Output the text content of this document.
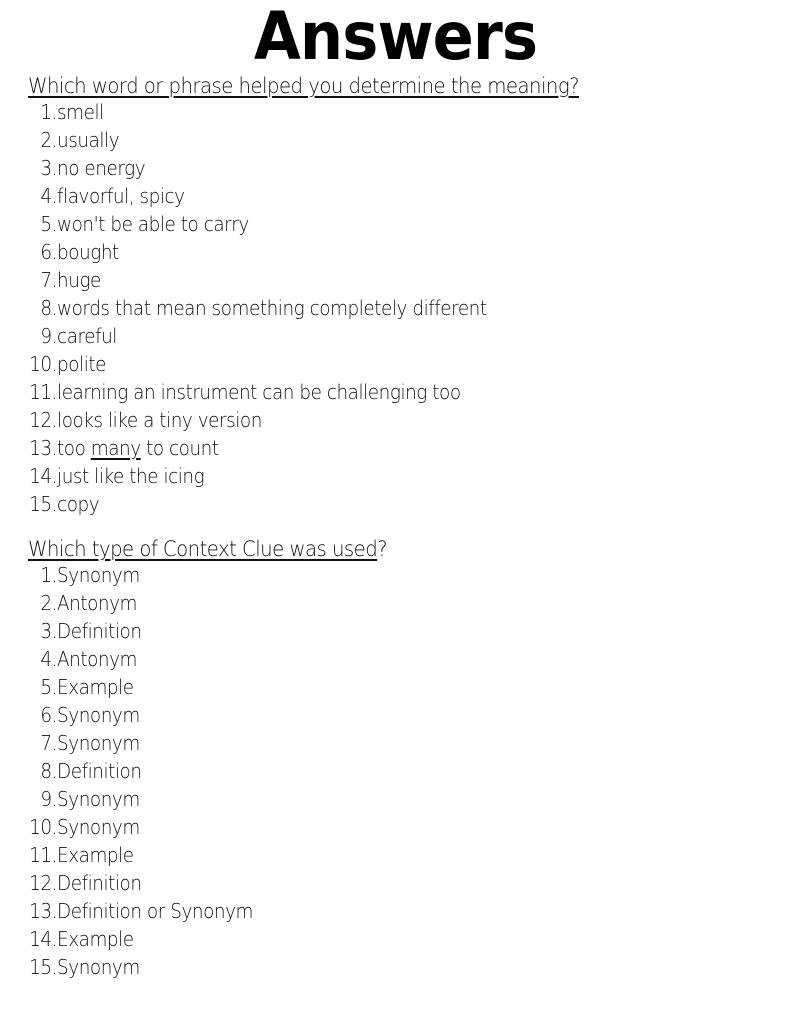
Answers
Which word or phrase helped you determine the meaning?
1. smell
2. usually
3. no energy
4. flavorful, spicy
5. won't be able to carry
6. bought
7. huge
8. words that mean something completely different
9. careful
10. polite
11. learning an instrument can be challenging too
12. looks like a tiny version
13. too many to count
14. just like the icing
15. copy
Which type of Context Clue was used?
1. Synonym
2. Antonym
3. Definition
4. Antonym
5. Example
6. Synonym
7. Synonym
8. Definition
9. Synonym
10. Synonym
11. Example
12. Definition
13. Definition or Synonym
14. Example
15. Synonym
